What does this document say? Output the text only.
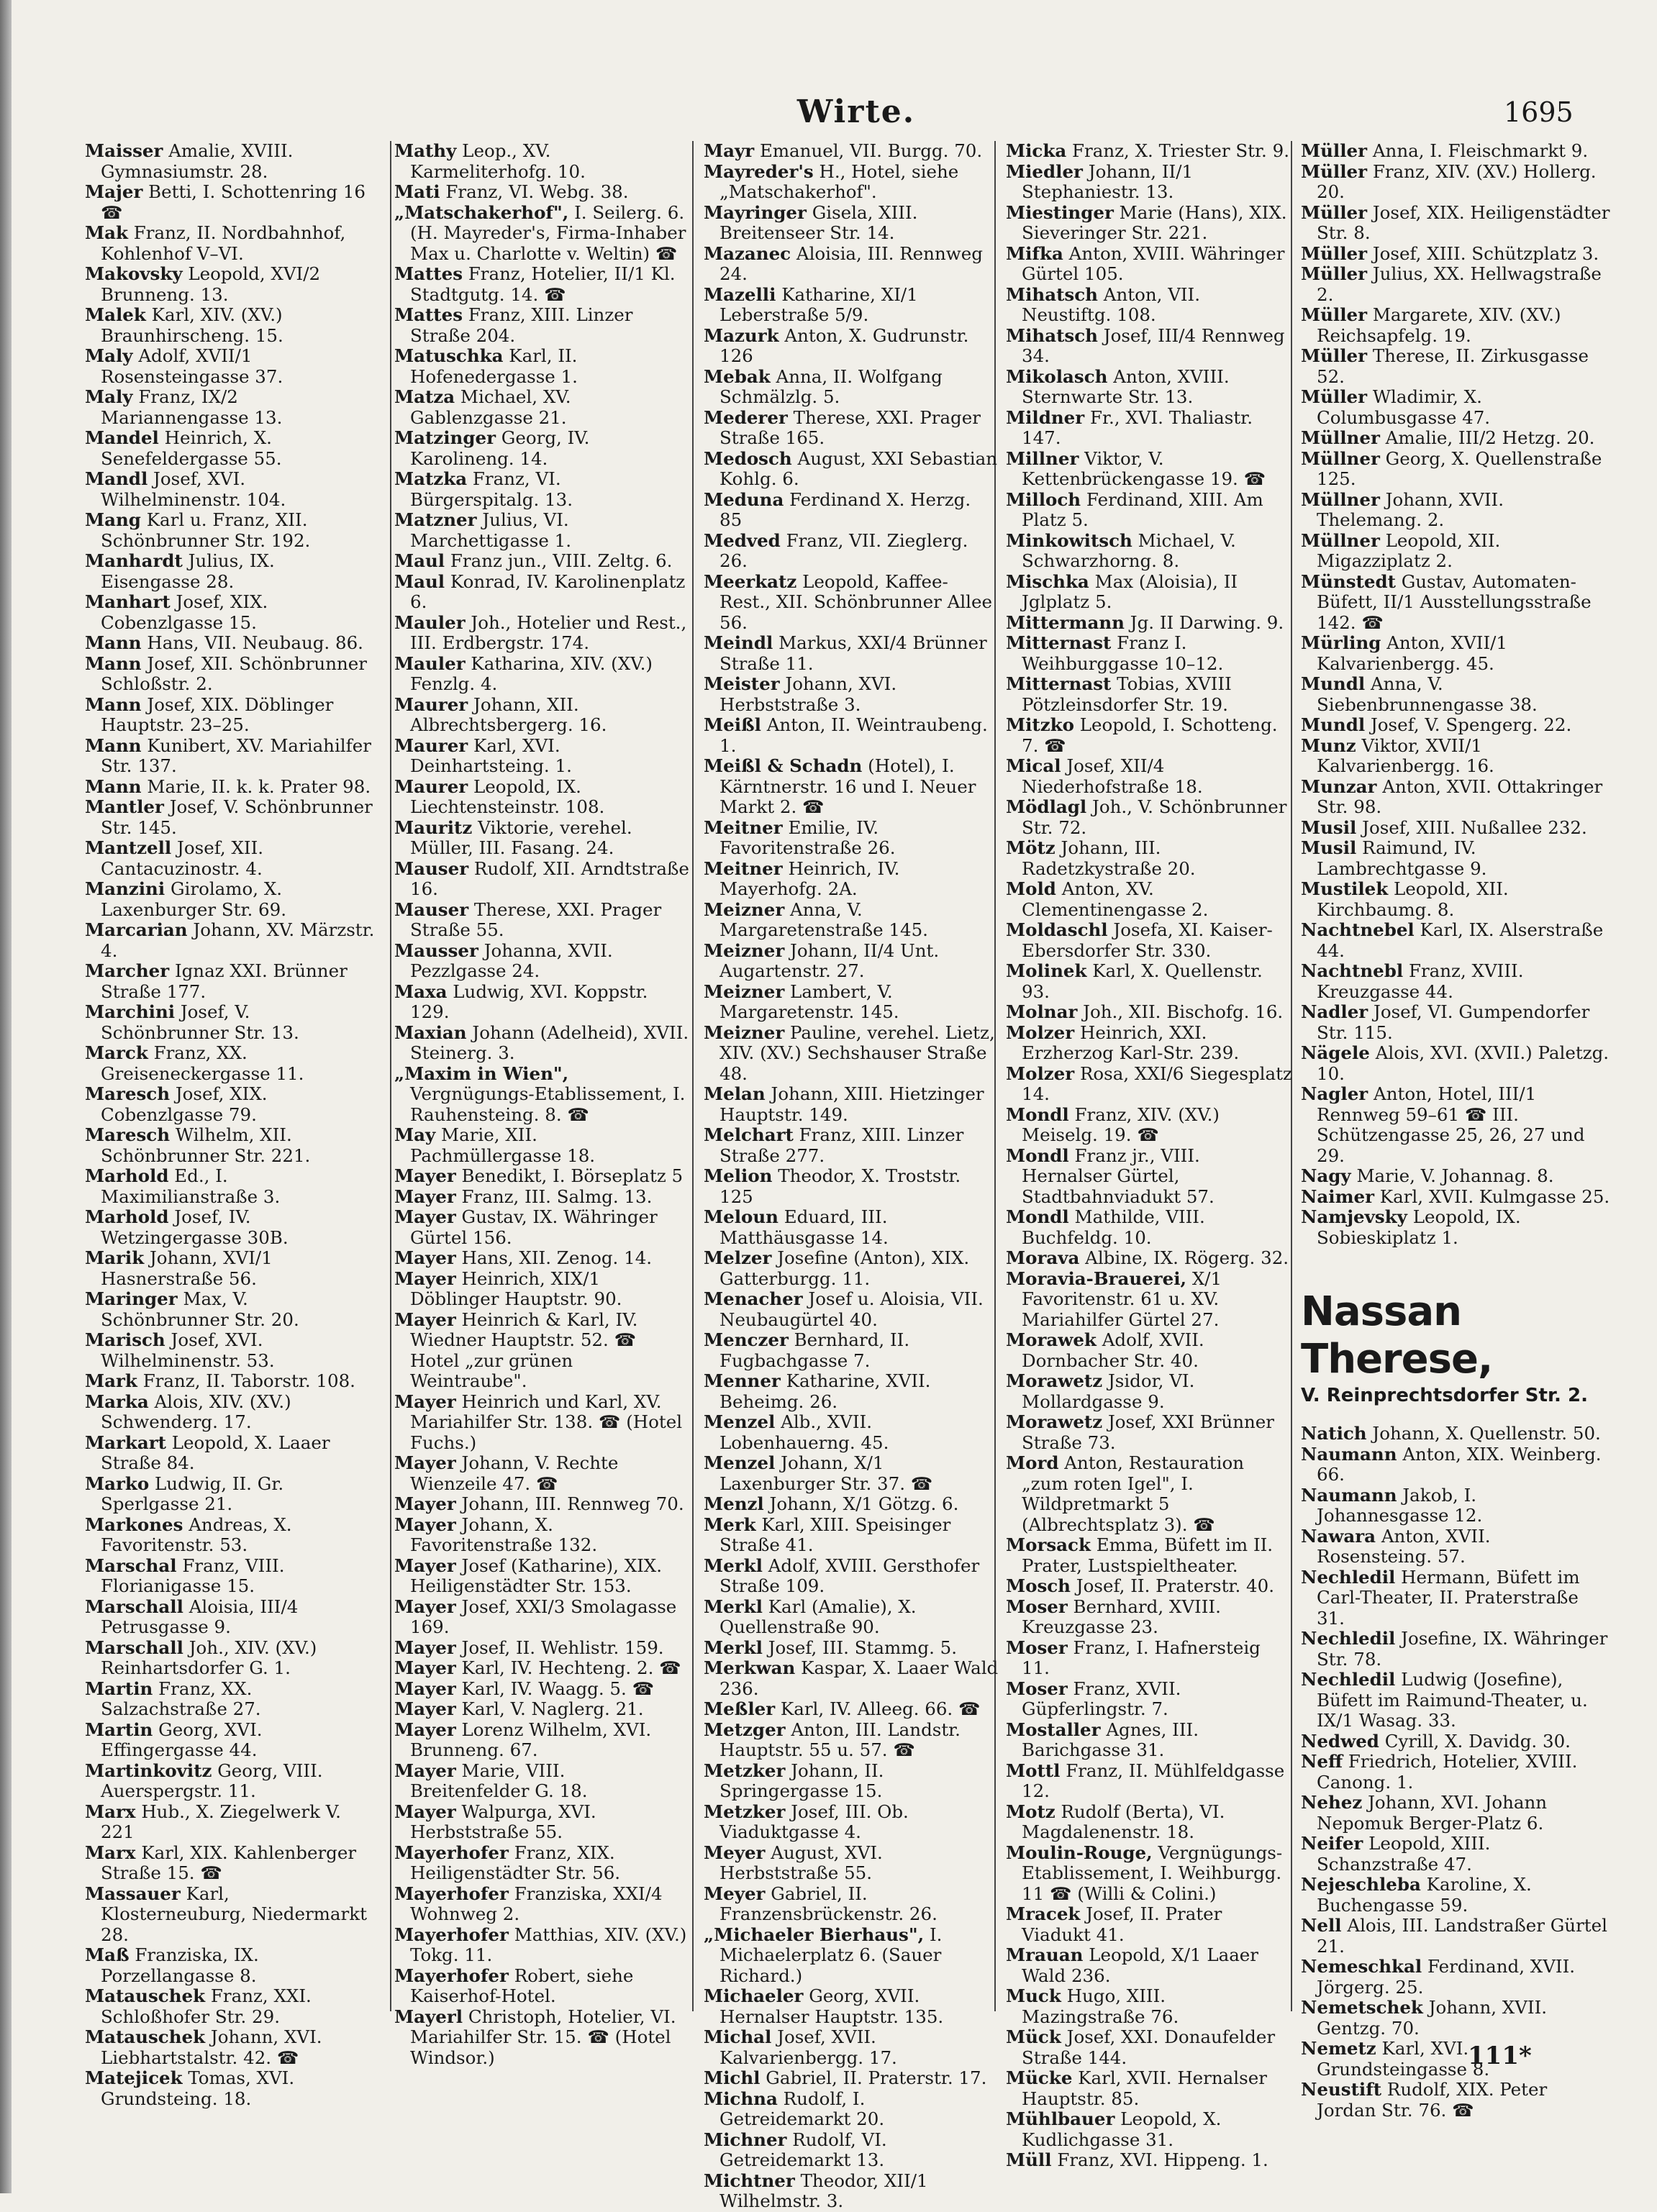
Wirte.	1695
Maisser Amalie, XVIII. Gymnasiumstr. 28.
Majer Betti, I. Schottenring 16 ☎
Mak Franz, II. Nordbahnhof, Kohlenhof V–VI.
Makovsky Leopold, XVI/2 Brunneng. 13.
Malek Karl, XIV. (XV.) Braunhirscheng. 15.
Maly Adolf, XVII/1 Rosensteingasse 37.
Maly Franz, IX/2 Mariannengasse 13.
Mandel Heinrich, X. Senefeldergasse 55.
Mandl Josef, XVI. Wilhelminenstr. 104.
Mang Karl u. Franz, XII. Schönbrunner Str. 192.
Manhardt Julius, IX. Eisengasse 28.
Manhart Josef, XIX. Cobenzlgasse 15.
Mann Hans, VII. Neubaug. 86.
Mann Josef, XII. Schönbrunner Schloßstr. 2.
Mann Josef, XIX. Döblinger Hauptstr. 23–25.
Mann Kunibert, XV. Mariahilfer Str. 137.
Mann Marie, II. k. k. Prater 98.
Mantler Josef, V. Schönbrunner Str. 145.
Mantzell Josef, XII. Cantacuzinostr. 4.
Manzini Girolamo, X. Laxenburger Str. 69.
Marcarian Johann, XV. Märzstr. 4.
Marcher Ignaz XXI. Brünner Straße 177.
Marchini Josef, V. Schönbrunner Str. 13.
Marck Franz, XX. Greiseneckergasse 11.
Maresch Josef, XIX. Cobenzlgasse 79.
Maresch Wilhelm, XII. Schönbrunner Str. 221.
Marhold Ed., I. Maximilianstraße 3.
Marhold Josef, IV. Wetzingergasse 30B.
Marik Johann, XVI/1 Hasnerstraße 56.
Maringer Max, V. Schönbrunner Str. 20.
Marisch Josef, XVI. Wilhelminenstr. 53.
Mark Franz, II. Taborstr. 108.
Marka Alois, XIV. (XV.) Schwenderg. 17.
Markart Leopold, X. Laaer Straße 84.
Marko Ludwig, II. Gr. Sperlgasse 21.
Markones Andreas, X. Favoritenstr. 53.
Marschal Franz, VIII. Florianigasse 15.
Marschall Aloisia, III/4 Petrusgasse 9.
Marschall Joh., XIV. (XV.) Reinhartsdorfer G. 1.
Martin Franz, XX. Salzachstraße 27.
Martin Georg, XVI. Effingergasse 44.
Martinkovitz Georg, VIII. Auerspergstr. 11.
Marx Hub., X. Ziegelwerk V. 221
Marx Karl, XIX. Kahlenberger Straße 15. ☎
Massauer Karl, Klosterneuburg, Niedermarkt 28.
Maß Franziska, IX. Porzellangasse 8.
Matauschek Franz, XXI. Schloßhofer Str. 29.
Matauschek Johann, XVI. Liebhartstalstr. 42. ☎
Matejicek Tomas, XVI. Grundsteing. 18.
Mathy Leop., XV. Karmeliterhofg. 10.
Mati Franz, VI. Webg. 38.
„Matschakerhof", I. Seilerg. 6. (H. Mayreder's, Firma-Inhaber Max u. Charlotte v. Weltin) ☎
Mattes Franz, Hotelier, II/1 Kl. Stadtgutg. 14. ☎
Mattes Franz, XIII. Linzer Straße 204.
Matuschka Karl, II. Hofenedergasse 1.
Matza Michael, XV. Gablenzgasse 21.
Matzinger Georg, IV. Karolineng. 14.
Matzka Franz, VI. Bürgerspitalg. 13.
Matzner Julius, VI. Marchettigasse 1.
Maul Franz jun., VIII. Zeltg. 6.
Maul Konrad, IV. Karolinenplatz 6.
Mauler Joh., Hotelier und Rest., III. Erdbergstr. 174.
Mauler Katharina, XIV. (XV.) Fenzlg. 4.
Maurer Johann, XII. Albrechtsbergerg. 16.
Maurer Karl, XVI. Deinhartsteing. 1.
Maurer Leopold, IX. Liechtensteinstr. 108.
Mauritz Viktorie, verehel. Müller, III. Fasang. 24.
Mauser Rudolf, XII. Arndtstraße 16.
Mauser Therese, XXI. Prager Straße 55.
Mausser Johanna, XVII. Pezzlgasse 24.
Maxa Ludwig, XVI. Koppstr. 129.
Maxian Johann (Adelheid), XVII. Steinerg. 3.
„Maxim in Wien", Vergnügungs-Etablissement, I. Rauhensteing. 8. ☎
May Marie, XII. Pachmüllergasse 18.
Mayer Benedikt, I. Börseplatz 5
Mayer Franz, III. Salmg. 13.
Mayer Gustav, IX. Währinger Gürtel 156.
Mayer Hans, XII. Zenog. 14.
Mayer Heinrich, XIX/1 Döblinger Hauptstr. 90.
Mayer Heinrich & Karl, IV. Wiedner Hauptstr. 52. ☎ Hotel „zur grünen Weintraube".
Mayer Heinrich und Karl, XV. Mariahilfer Str. 138. ☎ (Hotel Fuchs.)
Mayer Johann, V. Rechte Wienzeile 47. ☎
Mayer Johann, III. Rennweg 70.
Mayer Johann, X. Favoritenstraße 132.
Mayer Josef (Katharine), XIX. Heiligenstädter Str. 153.
Mayer Josef, XXI/3 Smolagasse 169.
Mayer Josef, II. Wehlistr. 159.
Mayer Karl, IV. Hechteng. 2. ☎
Mayer Karl, IV. Waagg. 5. ☎
Mayer Karl, V. Naglerg. 21.
Mayer Lorenz Wilhelm, XVI. Brunneng. 67.
Mayer Marie, VIII. Breitenfelder G. 18.
Mayer Walpurga, XVI. Herbststraße 55.
Mayerhofer Franz, XIX. Heiligenstädter Str. 56.
Mayerhofer Franziska, XXI/4 Wohnweg 2.
Mayerhofer Matthias, XIV. (XV.) Tokg. 11.
Mayerhofer Robert, siehe Kaiserhof-Hotel.
Mayerl Christoph, Hotelier, VI. Mariahilfer Str. 15. ☎ (Hotel Windsor.)
Mayr Emanuel, VII. Burgg. 70.
Mayreder's H., Hotel, siehe „Matschakerhof".
Mayringer Gisela, XIII. Breitenseer Str. 14.
Mazanec Aloisia, III. Rennweg 24.
Mazelli Katharine, XI/1 Leberstraße 5/9.
Mazurk Anton, X. Gudrunstr. 126
Mebak Anna, II. Wolfgang Schmälzlg. 5.
Mederer Therese, XXI. Prager Straße 165.
Medosch August, XXI Sebastian Kohlg. 6.
Meduna Ferdinand X. Herzg. 85
Medved Franz, VII. Zieglerg. 26.
Meerkatz Leopold, Kaffee-Rest., XII. Schönbrunner Allee 56.
Meindl Markus, XXI/4 Brünner Straße 11.
Meister Johann, XVI. Herbststraße 3.
Meißl Anton, II. Weintraubeng. 1.
Meißl & Schadn (Hotel), I. Kärntnerstr. 16 und I. Neuer Markt 2. ☎
Meitner Emilie, IV. Favoritenstraße 26.
Meitner Heinrich, IV. Mayerhofg. 2A.
Meizner Anna, V. Margaretenstraße 145.
Meizner Johann, II/4 Unt. Augartenstr. 27.
Meizner Lambert, V. Margaretenstr. 145.
Meizner Pauline, verehel. Lietz, XIV. (XV.) Sechshauser Straße 48.
Melan Johann, XIII. Hietzinger Hauptstr. 149.
Melchart Franz, XIII. Linzer Straße 277.
Melion Theodor, X. Troststr. 125
Meloun Eduard, III. Matthäusgasse 14.
Melzer Josefine (Anton), XIX. Gatterburgg. 11.
Menacher Josef u. Aloisia, VII. Neubaugürtel 40.
Menczer Bernhard, II. Fugbachgasse 7.
Menner Katharine, XVII. Beheimg. 26.
Menzel Alb., XVII. Lobenhauerng. 45.
Menzel Johann, X/1 Laxenburger Str. 37. ☎
Menzl Johann, X/1 Götzg. 6.
Merk Karl, XIII. Speisinger Straße 41.
Merkl Adolf, XVIII. Gersthofer Straße 109.
Merkl Karl (Amalie), X. Quellenstraße 90.
Merkl Josef, III. Stammg. 5.
Merkwan Kaspar, X. Laaer Wald 236.
Meßler Karl, IV. Alleeg. 66. ☎
Metzger Anton, III. Landstr. Hauptstr. 55 u. 57. ☎
Metzker Johann, II. Springergasse 15.
Metzker Josef, III. Ob. Viaduktgasse 4.
Meyer August, XVI. Herbststraße 55.
Meyer Gabriel, II. Franzensbrückenstr. 26.
„Michaeler Bierhaus", I. Michaelerplatz 6. (Sauer Richard.)
Michaeler Georg, XVII. Hernalser Hauptstr. 135.
Michal Josef, XVII. Kalvarienbergg. 17.
Michl Gabriel, II. Praterstr. 17.
Michna Rudolf, I. Getreidemarkt 20.
Michner Rudolf, VI. Getreidemarkt 13.
Michtner Theodor, XII/1 Wilhelmstr. 3.
Micka Franz, X. Triester Str. 9.
Miedler Johann, II/1 Stephaniestr. 13.
Miestinger Marie (Hans), XIX. Sieveringer Str. 221.
Mifka Anton, XVIII. Währinger Gürtel 105.
Mihatsch Anton, VII. Neustiftg. 108.
Mihatsch Josef, III/4 Rennweg 34.
Mikolasch Anton, XVIII. Sternwarte Str. 13.
Mildner Fr., XVI. Thaliastr. 147.
Millner Viktor, V. Kettenbrückengasse 19. ☎
Milloch Ferdinand, XIII. Am Platz 5.
Minkowitsch Michael, V. Schwarzhorng. 8.
Mischka Max (Aloisia), II Jglplatz 5.
Mittermann Jg. II Darwing. 9.
Mitternast Franz I. Weihburggasse 10–12.
Mitternast Tobias, XVIII Pötzleinsdorfer Str. 19.
Mitzko Leopold, I. Schotteng. 7. ☎
Mical Josef, XII/4 Niederhofstraße 18.
Mödlagl Joh., V. Schönbrunner Str. 72.
Mötz Johann, III. Radetzkystraße 20.
Mold Anton, XV. Clementinengasse 2.
Moldaschl Josefa, XI. Kaiser-Ebersdorfer Str. 330.
Molinek Karl, X. Quellenstr. 93.
Molnar Joh., XII. Bischofg. 16.
Molzer Heinrich, XXI. Erzherzog Karl-Str. 239.
Molzer Rosa, XXI/6 Siegesplatz 14.
Mondl Franz, XIV. (XV.) Meiselg. 19. ☎
Mondl Franz jr., VIII. Hernalser Gürtel, Stadtbahnviadukt 57.
Mondl Mathilde, VIII. Buchfeldg. 10.
Morava Albine, IX. Rögerg. 32.
Moravia-Brauerei, X/1 Favoritenstr. 61 u. XV. Mariahilfer Gürtel 27.
Morawek Adolf, XVII. Dornbacher Str. 40.
Morawetz Jsidor, VI. Mollardgasse 9.
Morawetz Josef, XXI Brünner Straße 73.
Mord Anton, Restauration „zum roten Igel", I. Wildpretmarkt 5 (Albrechtsplatz 3). ☎
Morsack Emma, Büfett im II. Prater, Lustspieltheater.
Mosch Josef, II. Praterstr. 40.
Moser Bernhard, XVIII. Kreuzgasse 23.
Moser Franz, I. Hafnersteig 11.
Moser Franz, XVII. Güpferlingstr. 7.
Mostaller Agnes, III. Barichgasse 31.
Mottl Franz, II. Mühlfeldgasse 12.
Motz Rudolf (Berta), VI. Magdalenenstr. 18.
Moulin-Rouge, Vergnügungs-Etablissement, I. Weihburgg. 11 ☎ (Willi & Colini.)
Mracek Josef, II. Prater Viadukt 41.
Mrauan Leopold, X/1 Laaer Wald 236.
Muck Hugo, XIII. Mazingstraße 76.
Mück Josef, XXI. Donaufelder Straße 144.
Mücke Karl, XVII. Hernalser Hauptstr. 85.
Mühlbauer Leopold, X. Kudlichgasse 31.
Müll Franz, XVI. Hippeng. 1.
Müller Anna, I. Fleischmarkt 9.
Müller Franz, XIV. (XV.) Hollerg. 20.
Müller Josef, XIX. Heiligenstädter Str. 8.
Müller Josef, XIII. Schützplatz 3.
Müller Julius, XX. Hellwagstraße 2.
Müller Margarete, XIV. (XV.) Reichsapfelg. 19.
Müller Therese, II. Zirkusgasse 52.
Müller Wladimir, X. Columbusgasse 47.
Müllner Amalie, III/2 Hetzg. 20.
Müllner Georg, X. Quellenstraße 125.
Müllner Johann, XVII. Thelemang. 2.
Müllner Leopold, XII. Migazziplatz 2.
Münstedt Gustav, Automaten-Büfett, II/1 Ausstellungsstraße 142. ☎
Mürling Anton, XVII/1 Kalvarienbergg. 45.
Mundl Anna, V. Siebenbrunnengasse 38.
Mundl Josef, V. Spengerg. 22.
Munz Viktor, XVII/1 Kalvarienbergg. 16.
Munzar Anton, XVII. Ottakringer Str. 98.
Musil Josef, XIII. Nußallee 232.
Musil Raimund, IV. Lambrechtgasse 9.
Mustilek Leopold, XII. Kirchbaumg. 8.
Nachtnebel Karl, IX. Alserstraße 44.
Nachtnebl Franz, XVIII. Kreuzgasse 44.
Nadler Josef, VI. Gumpendorfer Str. 115.
Nägele Alois, XVI. (XVII.) Paletzg. 10.
Nagler Anton, Hotel, III/1 Rennweg 59–61 ☎ III. Schützengasse 25, 26, 27 und 29.
Nagy Marie, V. Johannag. 8.
Naimer Karl, XVII. Kulmgasse 25.
Namjevsky Leopold, IX. Sobieskiplatz 1.
Nassan Therese,
V. Reinprechtsdorfer Str. 2.
Natich Johann, X. Quellenstr. 50.
Naumann Anton, XIX. Weinberg. 66.
Naumann Jakob, I. Johannesgasse 12.
Nawara Anton, XVII. Rosensteing. 57.
Nechledil Hermann, Büfett im Carl-Theater, II. Praterstraße 31.
Nechledil Josefine, IX. Währinger Str. 78.
Nechledil Ludwig (Josefine), Büfett im Raimund-Theater, u. IX/1 Wasag. 33.
Nedwed Cyrill, X. Davidg. 30.
Neff Friedrich, Hotelier, XVIII. Canong. 1.
Nehez Johann, XVI. Johann Nepomuk Berger-Platz 6.
Neifer Leopold, XIII. Schanzstraße 47.
Nejeschleba Karoline, X. Buchengasse 59.
Nell Alois, III. Landstraßer Gürtel 21.
Nemeschkal Ferdinand, XVII. Jörgerg. 25.
Nemetschek Johann, XVII. Gentzg. 70.
Nemetz Karl, XVI. Grundsteingasse 8.
Neustift Rudolf, XIX. Peter Jordan Str. 76. ☎
111*
